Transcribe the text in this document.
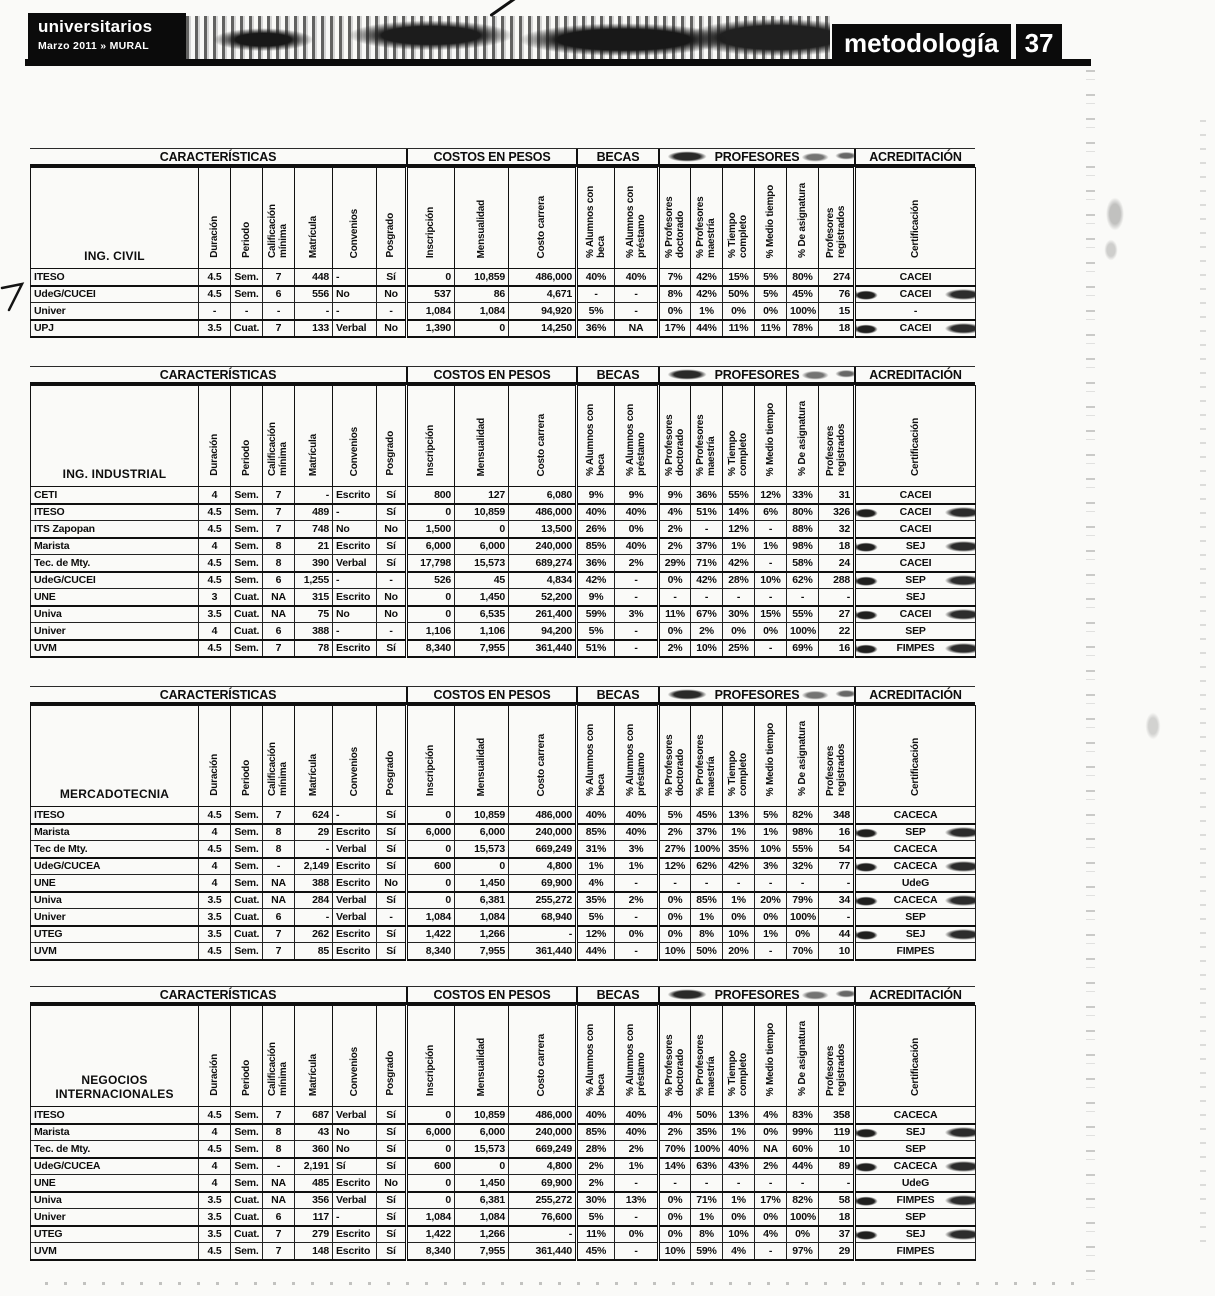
universitarios
Marzo 2011 » MURAL	metodología	37
CARACTERÍSTICAS	COSTOS EN PESOS	BECAS	PROFESORES	ACREDITACIÓN
ING. CIVIL	Duración	Periodo	Calificación mínima	Matrícula	Convenios	Posgrado	Inscripción	Mensualidad	Costo carrera	% Alumnos con beca	% Alumnos con préstamo	% Profesores doctorado	% Profesores maestría	% Tiempo completo	% Medio tiempo	% De asignatura	Profesores registrados	Certificación
ITESO	4.5	Sem.	7	448	-	Sí	0	10,859	486,000	40%	40%	7%	42%	15%	5%	80%	274	CACEI
UdeG/CUCEI	4.5	Sem.	6	556	No	No	537	86	4,671	-	-	8%	42%	50%	5%	45%	76	CACEI
Univer	-	-	-	-	-	-	1,084	1,084	94,920	5%	-	0%	1%	0%	0%	100%	15	-
UPJ	3.5	Cuat.	7	133	Verbal	No	1,390	0	14,250	36%	NA	17%	44%	11%	11%	78%	18	CACEI
CARACTERÍSTICAS	COSTOS EN PESOS	BECAS	PROFESORES	ACREDITACIÓN
ING. INDUSTRIAL	Duración	Periodo	Calificación mínima	Matrícula	Convenios	Posgrado	Inscripción	Mensualidad	Costo carrera	% Alumnos con beca	% Alumnos con préstamo	% Profesores doctorado	% Profesores maestría	% Tiempo completo	% Medio tiempo	% De asignatura	Profesores registrados	Certificación
CETI	4	Sem.	7	-	Escrito	Sí	800	127	6,080	9%	9%	9%	36%	55%	12%	33%	31	CACEI
ITESO	4.5	Sem.	7	489	-	Sí	0	10,859	486,000	40%	40%	4%	51%	14%	6%	80%	326	CACEI
ITS Zapopan	4.5	Sem.	7	748	No	No	1,500	0	13,500	26%	0%	2%	-	12%	-	88%	32	CACEI
Marista	4	Sem.	8	21	Escrito	Sí	6,000	6,000	240,000	85%	40%	2%	37%	1%	1%	98%	18	SEJ
Tec. de Mty.	4.5	Sem.	8	390	Verbal	Sí	17,798	15,573	689,274	36%	2%	29%	71%	42%	-	58%	24	CACEI
UdeG/CUCEI	4.5	Sem.	6	1,255	-	-	526	45	4,834	42%	-	0%	42%	28%	10%	62%	288	SEP
UNE	3	Cuat.	NA	315	Escrito	No	0	1,450	52,200	9%	-	-	-	-	-	-	-	SEJ
Univa	3.5	Cuat.	NA	75	No	No	0	6,535	261,400	59%	3%	11%	67%	30%	15%	55%	27	CACEI
Univer	4	Cuat.	6	388	-	-	1,106	1,106	94,200	5%	-	0%	2%	0%	0%	100%	22	SEP
UVM	4.5	Sem.	7	78	Escrito	Sí	8,340	7,955	361,440	51%	-	2%	10%	25%	-	69%	16	FIMPES
CARACTERÍSTICAS	COSTOS EN PESOS	BECAS	PROFESORES	ACREDITACIÓN
MERCADOTECNIA	Duración	Periodo	Calificación mínima	Matrícula	Convenios	Posgrado	Inscripción	Mensualidad	Costo carrera	% Alumnos con beca	% Alumnos con préstamo	% Profesores doctorado	% Profesores maestría	% Tiempo completo	% Medio tiempo	% De asignatura	Profesores registrados	Certificación
ITESO	4.5	Sem.	7	624	-	Sí	0	10,859	486,000	40%	40%	5%	45%	13%	5%	82%	348	CACECA
Marista	4	Sem.	8	29	Escrito	Sí	6,000	6,000	240,000	85%	40%	2%	37%	1%	1%	98%	16	SEP
Tec de Mty.	4.5	Sem.	8	-	Verbal	Sí	0	15,573	669,249	31%	3%	27%	100%	35%	10%	55%	54	CACECA
UdeG/CUCEA	4	Sem.	-	2,149	Escrito	Sí	600	0	4,800	1%	1%	12%	62%	42%	3%	32%	77	CACECA
UNE	4	Sem.	NA	388	Escrito	No	0	1,450	69,900	4%	-	-	-	-	-	-	-	UdeG
Univa	3.5	Cuat.	NA	284	Verbal	Sí	0	6,381	255,272	35%	2%	0%	85%	1%	20%	79%	34	CACECA
Univer	3.5	Cuat.	6	-	Verbal	-	1,084	1,084	68,940	5%	-	0%	1%	0%	0%	100%	-	SEP
UTEG	3.5	Cuat.	7	262	Escrito	Sí	1,422	1,266	-	12%	0%	0%	8%	10%	1%	0%	44	SEJ
UVM	4.5	Sem.	7	85	Escrito	Sí	8,340	7,955	361,440	44%	-	10%	50%	20%	-	70%	10	FIMPES
CARACTERÍSTICAS	COSTOS EN PESOS	BECAS	PROFESORES	ACREDITACIÓN
NEGOCIOS INTERNACIONALES	Duración	Periodo	Calificación mínima	Matrícula	Convenios	Posgrado	Inscripción	Mensualidad	Costo carrera	% Alumnos con beca	% Alumnos con préstamo	% Profesores doctorado	% Profesores maestría	% Tiempo completo	% Medio tiempo	% De asignatura	Profesores registrados	Certificación
ITESO	4.5	Sem.	7	687	Verbal	Sí	0	10,859	486,000	40%	40%	4%	50%	13%	4%	83%	358	CACECA
Marista	4	Sem.	8	43	No	Sí	6,000	6,000	240,000	85%	40%	2%	35%	1%	0%	99%	119	SEJ
Tec. de Mty.	4.5	Sem.	8	360	No	Sí	0	15,573	669,249	28%	2%	70%	100%	40%	NA	60%	10	SEP
UdeG/CUCEA	4	Sem.	-	2,191	Sí	Sí	600	0	4,800	2%	1%	14%	63%	43%	2%	44%	89	CACECA
UNE	4	Sem.	NA	485	Escrito	No	0	1,450	69,900	2%	-	-	-	-	-	-	-	UdeG
Univa	3.5	Cuat.	NA	356	Verbal	Sí	0	6,381	255,272	30%	13%	0%	71%	1%	17%	82%	58	FIMPES
Univer	3.5	Cuat.	6	117	-	Sí	1,084	1,084	76,600	5%	-	0%	1%	0%	0%	100%	18	SEP
UTEG	3.5	Cuat.	7	279	Escrito	Sí	1,422	1,266	-	11%	0%	0%	8%	10%	4%	0%	37	SEJ
UVM	4.5	Sem.	7	148	Escrito	Sí	8,340	7,955	361,440	45%	-	10%	59%	4%	-	97%	29	FIMPES
